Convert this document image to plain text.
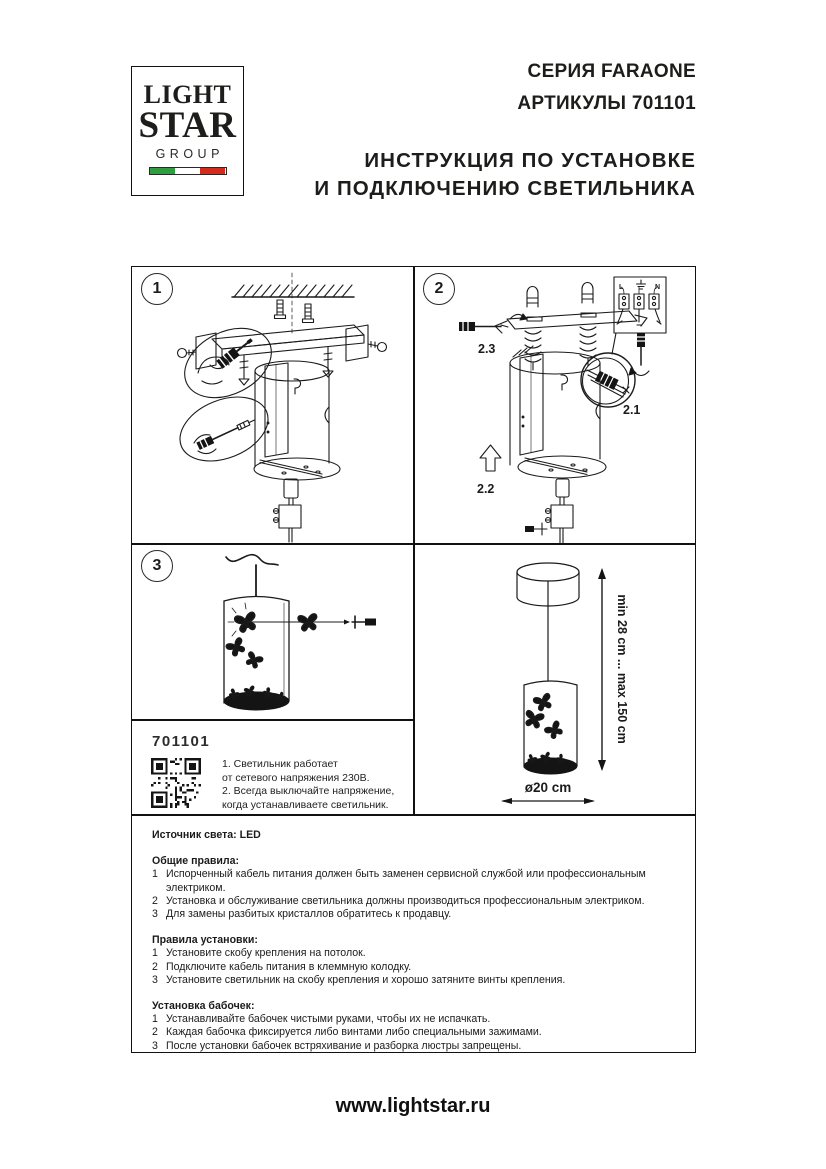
LIGHT
STAR
GROUP
СЕРИЯ FARAONE
АРТИКУЛЫ 701101
ИНСТРУКЦИЯ ПО УСТАНОВКЕ
И ПОДКЛЮЧЕНИЮ СВЕТИЛЬНИКА
1	2
3
2.3
L	N
2.1
2.2
701101
1. Светильник работает
от сетевого напряжения 230В.
2. Всегда выключайте напряжение,
когда устанавливаете светильник.
min 28 cm ... max 150 cm
ø20 cm
Источник света: LED
Общие правила:
1 Испорченный кабель питания должен быть заменен сервисной службой или профессиональным электриком.
2 Установка и обслуживание светильника должны производиться профессиональным электриком.
3 Для замены разбитых кристаллов обратитесь к продавцу.
Правила установки:
1 Установите скобу крепления на потолок.
2 Подключите кабель питания в клеммную колодку.
3 Установите светильник на скобу крепления и хорошо затяните винты крепления.
Установка бабочек:
1 Устанавливайте бабочек чистыми руками, чтобы их не испачкать.
2 Каждая бабочка фиксируется либо винтами либо специальными зажимами.
3 После установки бабочек встряхивание и разборка люстры запрещены.
www.lightstar.ru
